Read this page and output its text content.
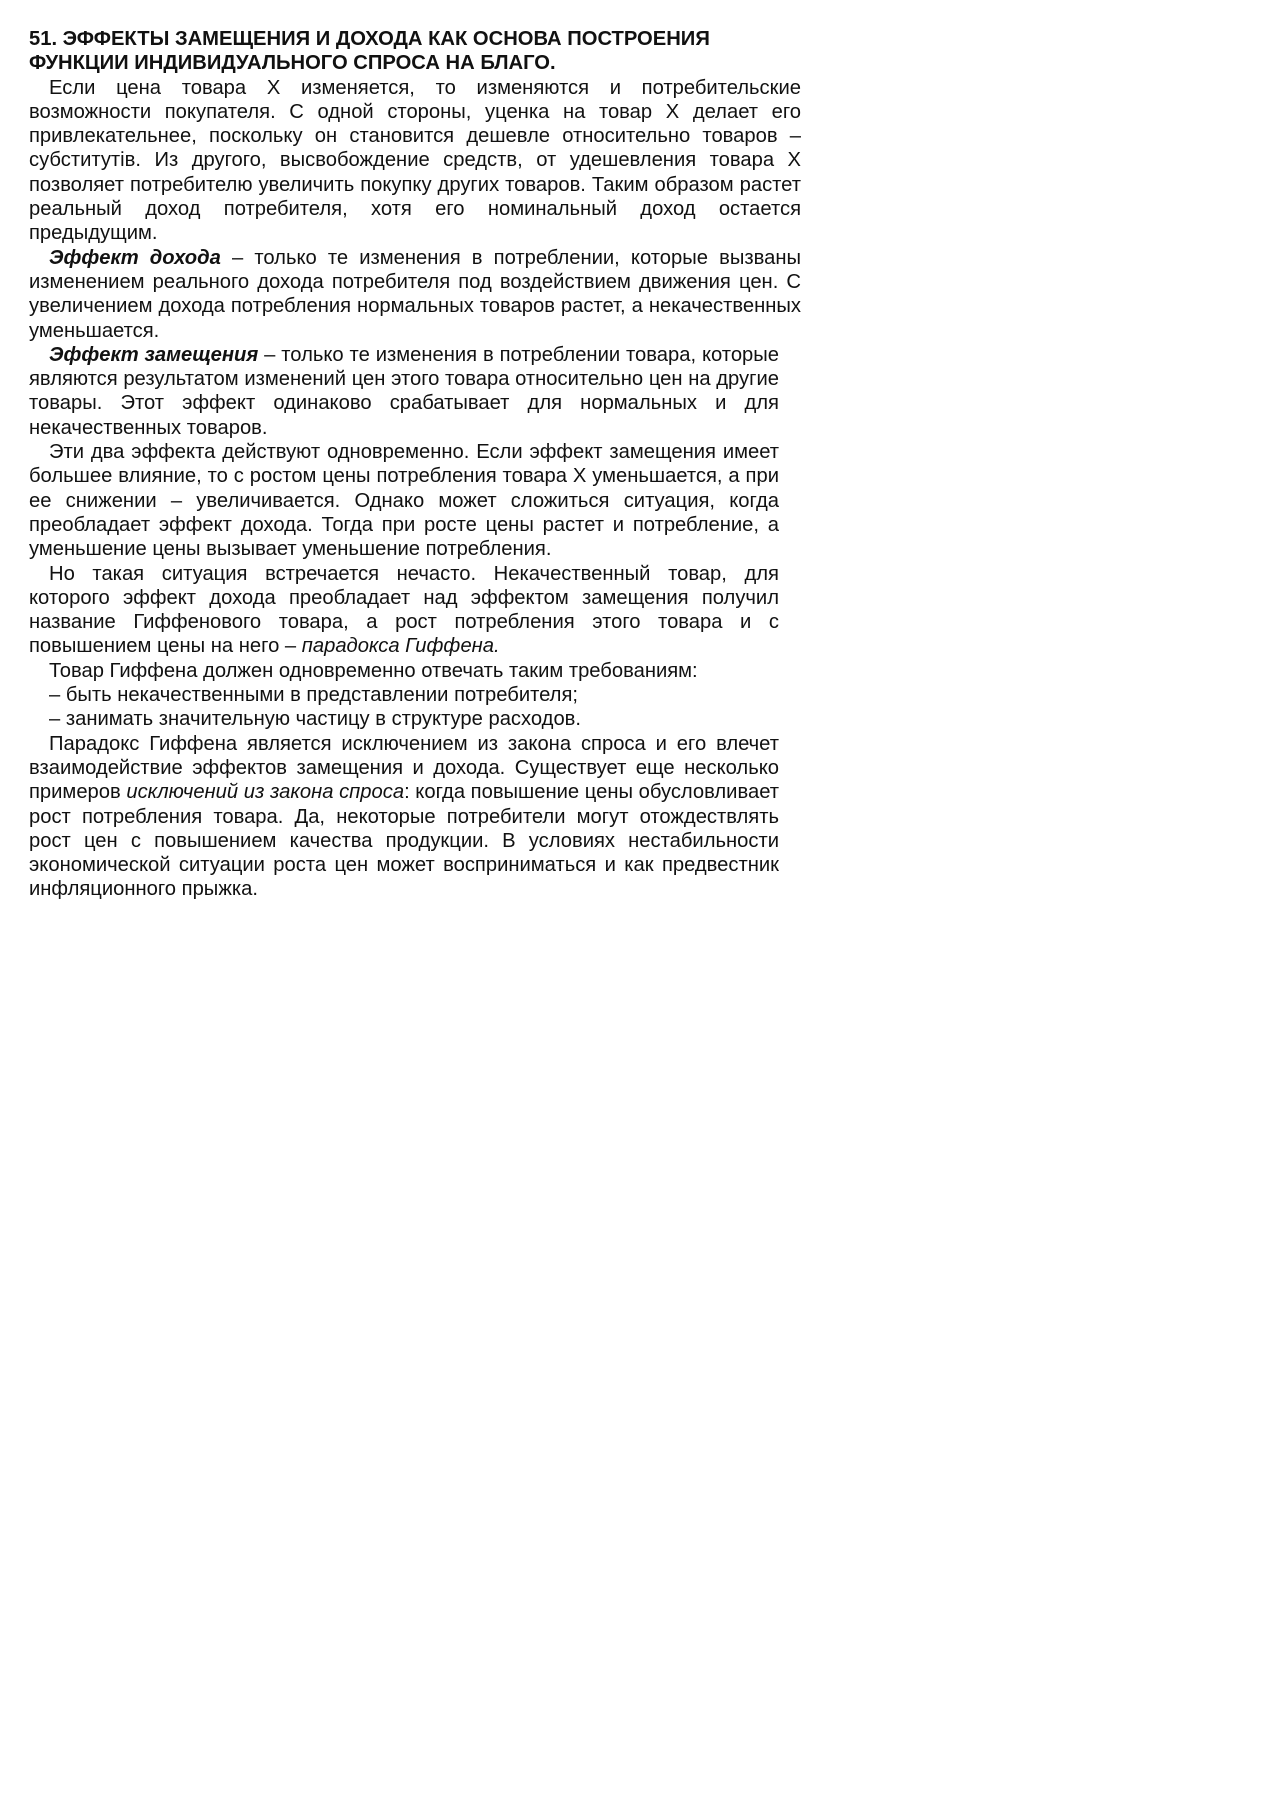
51. ЭФФЕКТЫ ЗАМЕЩЕНИЯ И ДОХОДА КАК ОСНОВА ПОСТРОЕНИЯ
ФУНКЦИИ ИНДИВИДУАЛЬНОГО СПРОСА НА БЛАГО.

Если цена товара Х изменяется, то изменяются и потребительские возможности покупателя. С одной стороны, уценка на товар Х делает его привлекательнее, поскольку он становится дешевле относительно товаров – субститутів. Из другого, высвобождение средств, от удешевления товара Х позволяет потребителю увеличить покупку других товаров. Таким образом растет реальный доход потребителя, хотя его номинальный доход остается предыдущим.

Эффект дохода – только те изменения в потреблении, которые вызваны изменением реального дохода потребителя под воздействием движения цен. С увеличением дохода потребления нормальных товаров растет, а некачественных уменьшается.

Эффект замещения – только те изменения в потреблении товара, которые являются результатом изменений цен этого товара относительно цен на другие товары. Этот эффект одинаково срабатывает для нормальных и для некачественных товаров.

Эти два эффекта действуют одновременно. Если эффект замещения имеет большее влияние, то с ростом цены потребления товара Х уменьшается, а при ее снижении – увеличивается. Однако может сложиться ситуация, когда преобладает эффект дохода. Тогда при росте цены растет и потребление, а уменьшение цены вызывает уменьшение потребления.

Но такая ситуация встречается нечасто. Некачественный товар, для которого эффект дохода преобладает над эффектом замещения получил название Гиффенового товара, а рост потребления этого товара и с повышением цены на него – парадокса Гиффена.

Товар Гиффена должен одновременно отвечать таким требованиям:

– быть некачественными в представлении потребителя;

– занимать значительную частицу в структуре расходов.

Парадокс Гиффена является исключением из закона спроса и его влечет взаимодействие эффектов замещения и дохода. Существует еще несколько примеров исключений из закона спроса: когда повышение цены обусловливает рост потребления товара. Да, некоторые потребители могут отождествлять рост цен с повышением качества продукции. В условиях нестабильности экономической ситуации роста цен может восприниматься и как предвестник инфляционного прыжка.
